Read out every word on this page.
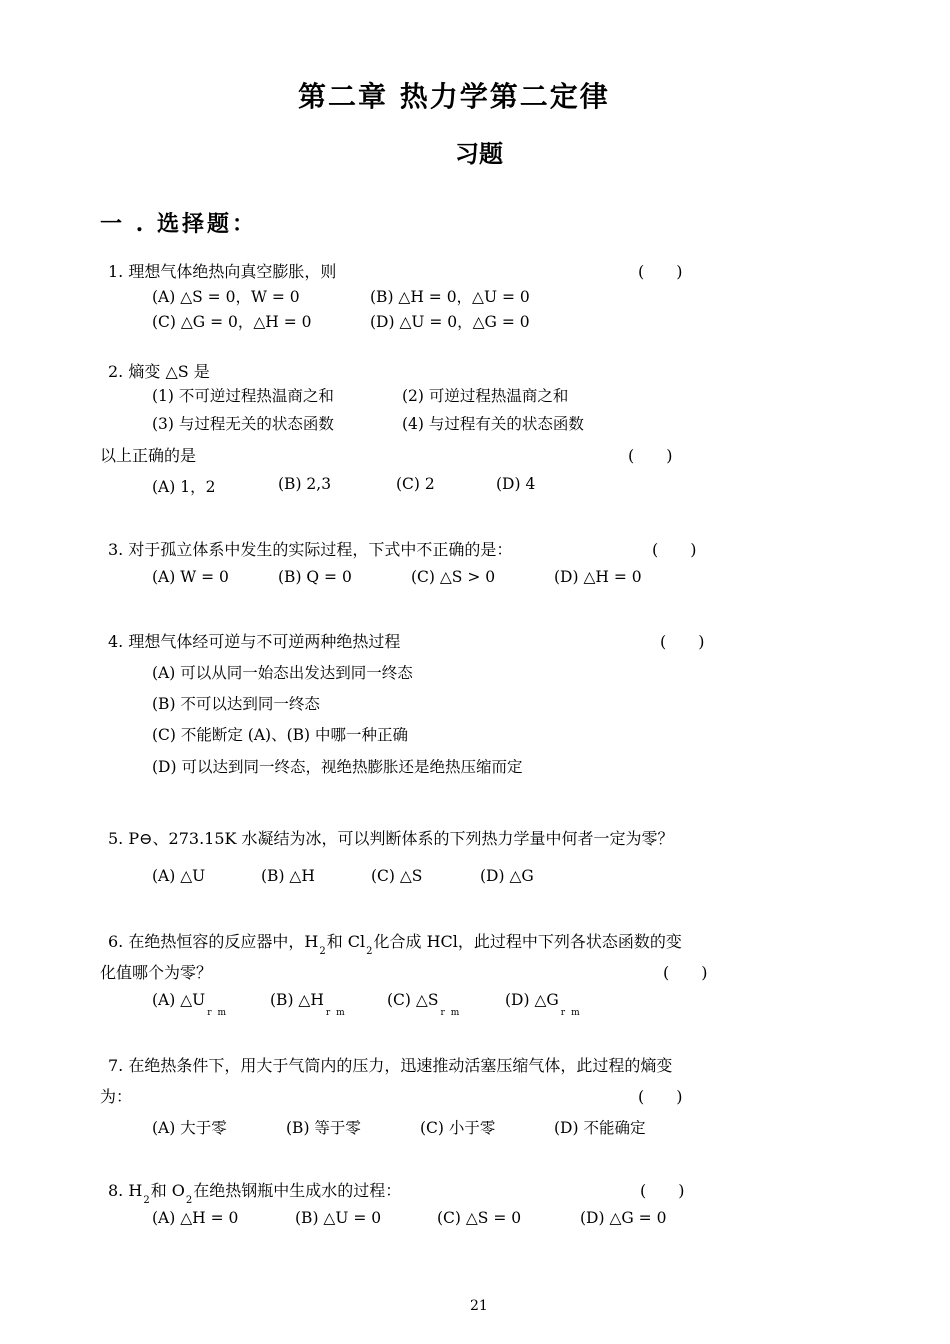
第二章 热力学第二定律
习题
一 . 选择题：
1. 理想气体绝热向真空膨胀，则	(　　)
(A) △S = 0，W = 0	(B) △H = 0，△U = 0
(C) △G = 0，△H = 0	(D) △U = 0，△G = 0
2. 熵变 △S 是
(1) 不可逆过程热温商之和	(2) 可逆过程热温商之和
(3) 与过程无关的状态函数	(4) 与过程有关的状态函数
以上正确的是	(　　)
(A) 1，2	(B) 2,3	(C) 2	(D) 4
3. 对于孤立体系中发生的实际过程，下式中不正确的是：	(　　)
(A) W = 0	(B) Q = 0	(C) △S > 0	(D) △H = 0
4. 理想气体经可逆与不可逆两种绝热过程	(　　)
(A) 可以从同一始态出发达到同一终态
(B) 不可以达到同一终态
(C) 不能断定 (A)、(B) 中哪一种正确
(D) 可以达到同一终态，视绝热膨胀还是绝热压缩而定
5. P⊖、273.15K 水凝结为冰，可以判断体系的下列热力学量中何者一定为零？
(A) △U	(B) △H	(C) △S	(D) △G
6. 在绝热恒容的反应器中，$H_2$和 $Cl_2$化合成 HCl，此过程中下列各状态函数的变
化值哪个为零？	(　　)
(A) $\triangle U_{rm}$
(B) $\triangle H_{rm}$
(C) $\triangle S_{rm}$
(D) $\triangle G_{rm}$
7. 在绝热条件下，用大于气筒内的压力，迅速推动活塞压缩气体，此过程的熵变
为：	(　　)
(A) 大于零	(B) 等于零	(C) 小于零	(D) 不能确定
8. $H_2$和 $O_2$在绝热钢瓶中生成水的过程：	(　　)
(A) △H = 0	(B) △U = 0	(C) △S = 0	(D) △G = 0
21
